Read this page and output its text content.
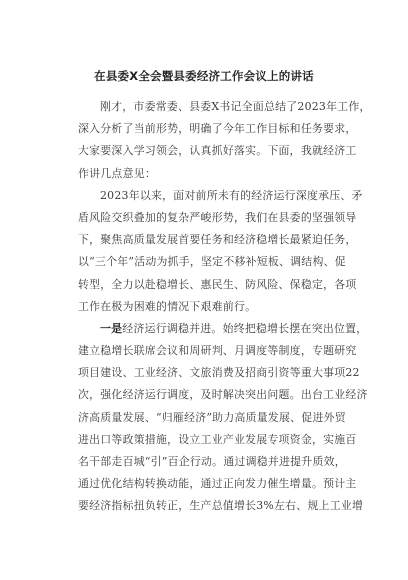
在县委X全会暨县委经济工作会议上的讲话
刚才，市委常委、县委X书记全面总结了2023年工作，
深入分析了当前形势，明确了今年工作目标和任务要求，
大家要深入学习领会，认真抓好落实。下面，我就经济工
作讲几点意见：
2023年以来，面对前所未有的经济运行深度承压、矛
盾风险交织叠加的复杂严峻形势，我们在县委的坚强领导
下，聚焦高质量发展首要任务和经济稳增长最紧迫任务，
以“三个年”活动为抓手，坚定不移补短板、调结构、促
转型，全力以赴稳增长、惠民生、防风险、保稳定，各项
工作在极为困难的情况下艰难前行。
一是经济运行调稳并进。始终把稳增长摆在突出位置，
建立稳增长联席会议和周研判、月调度等制度，专题研究
项目建设、工业经济、文旅消费及招商引资等重大事项22
次，强化经济运行调度，及时解决突出问题。出台工业经济
济高质量发展、“归雁经济”助力高质量发展、促进外贸
进出口等政策措施，设立工业产业发展专项资金，实施百
名干部走百城“引”百企行动。通过调稳并进提升质效，
通过优化结构转换动能，通过正向发力催生增量。预计主
要经济指标扭负转正，生产总值增长3%左右、规上工业增
